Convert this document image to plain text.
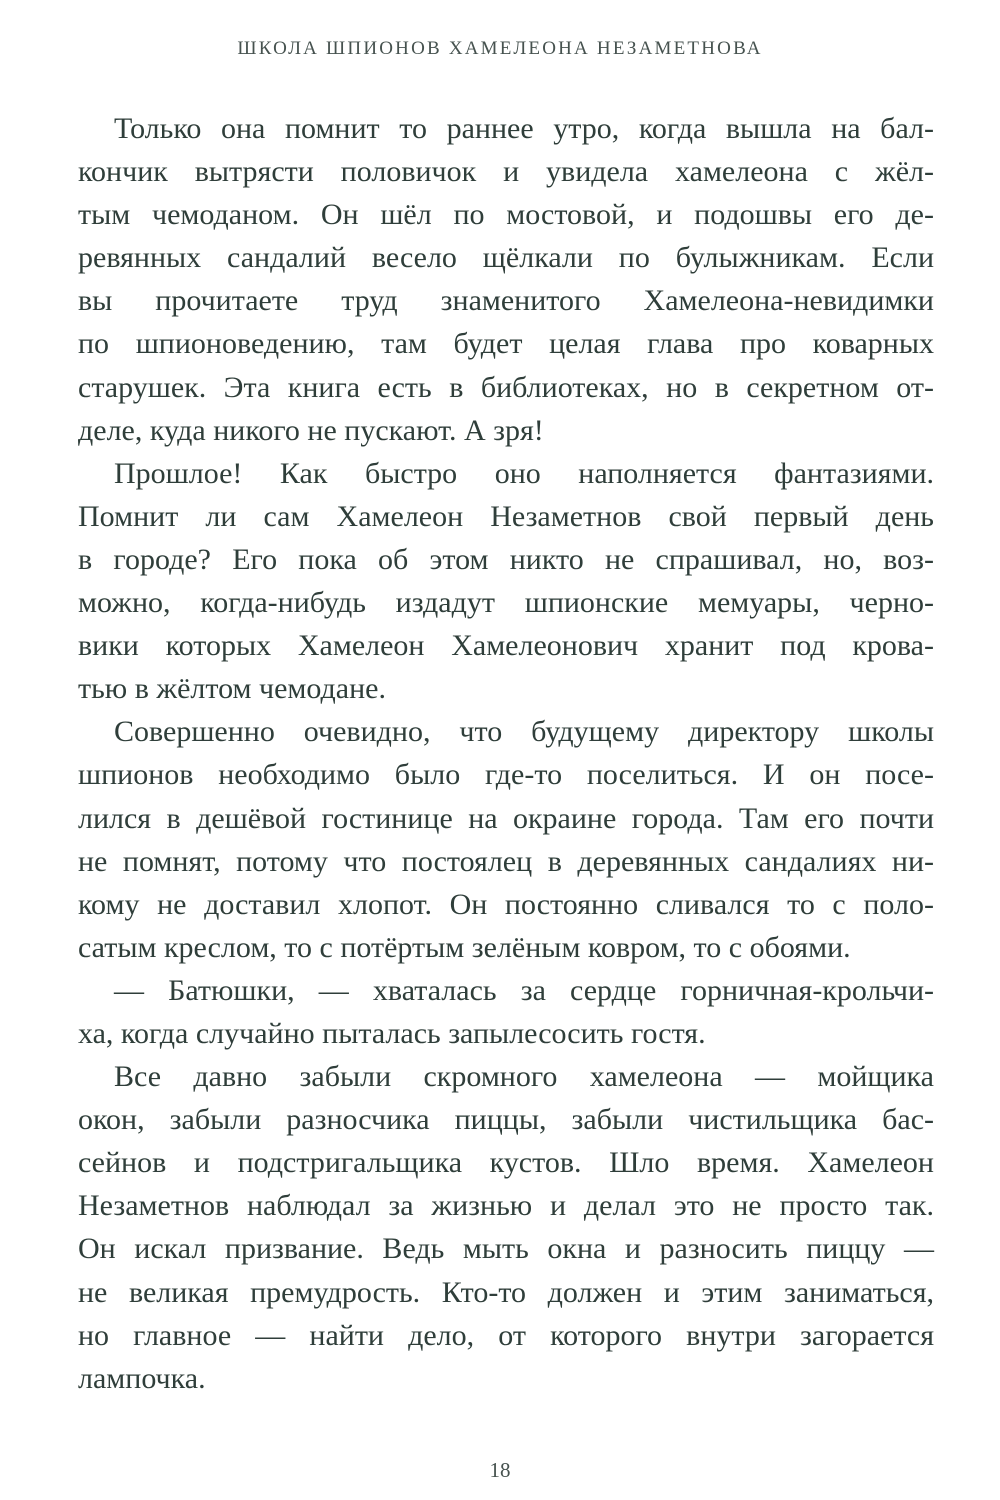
ШКОЛА ШПИОНОВ ХАМЕЛЕОНА НЕЗАМЕТНОВА
Только она помнит то раннее утро, когда вышла на бал-
кончик вытрясти половичок и увидела хамелеона с жёл-
тым чемоданом. Он шёл по мостовой, и подошвы его де-
ревянных сандалий весело щёлкали по булыжникам. Если
вы прочитаете труд знаменитого Хамелеона-невидимки
по шпионоведению, там будет целая глава про коварных
старушек. Эта книга есть в библиотеках, но в секретном от-
деле, куда никого не пускают. А зря!
Прошлое! Как быстро оно наполняется фантазиями.
Помнит ли сам Хамелеон Незаметнов свой первый день
в городе? Его пока об этом никто не спрашивал, но, воз-
можно, когда-нибудь издадут шпионские мемуары, черно-
вики которых Хамелеон Хамелеонович хранит под крова-
тью в жёлтом чемодане.
Совершенно очевидно, что будущему директору школы
шпионов необходимо было где-то поселиться. И он посе-
лился в дешёвой гостинице на окраине города. Там его почти
не помнят, потому что постоялец в деревянных сандалиях ни-
кому не доставил хлопот. Он постоянно сливался то с поло-
сатым креслом, то с потёртым зелёным ковром, то с обоями.
— Батюшки, — хваталась за сердце горничная-крольчи-
ха, когда случайно пыталась запылесосить гостя.
Все давно забыли скромного хамелеона — мойщика
окон, забыли разносчика пиццы, забыли чистильщика бас-
сейнов и подстригальщика кустов. Шло время. Хамелеон
Незаметнов наблюдал за жизнью и делал это не просто так.
Он искал призвание. Ведь мыть окна и разносить пиццу —
не великая премудрость. Кто-то должен и этим заниматься,
но главное — найти дело, от которого внутри загорается
лампочка.
18
